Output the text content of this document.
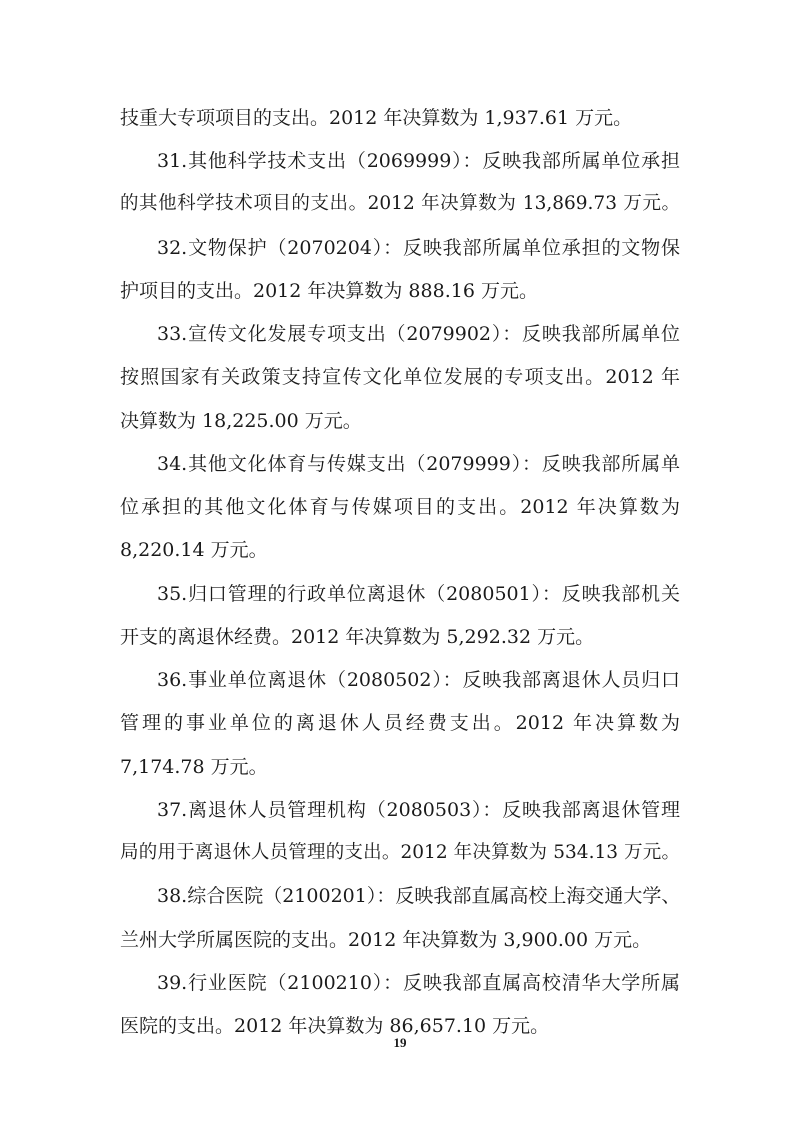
技重大专项项目的支出。2012 年决算数为 1,937.61 万元。
31.其他科学技术支出（2069999）：反映我部所属单位承担
的其他科学技术项目的支出。2012 年决算数为 13,869.73 万元。
32.文物保护（2070204）：反映我部所属单位承担的文物保
护项目的支出。2012 年决算数为 888.16 万元。
33.宣传文化发展专项支出（2079902）：反映我部所属单位
按照国家有关政策支持宣传文化单位发展的专项支出。2012 年
决算数为 18,225.00 万元。
34.其他文化体育与传媒支出（2079999）：反映我部所属单
位承担的其他文化体育与传媒项目的支出。2012 年决算数为
8,220.14 万元。
35.归口管理的行政单位离退休（2080501）：反映我部机关
开支的离退休经费。2012 年决算数为 5,292.32 万元。
36.事业单位离退休（2080502）：反映我部离退休人员归口
管理的事业单位的离退休人员经费支出。2012 年决算数为
7,174.78 万元。
37.离退休人员管理机构（2080503）：反映我部离退休管理
局的用于离退休人员管理的支出。2012 年决算数为 534.13 万元。
38.综合医院（2100201）：反映我部直属高校上海交通大学、
兰州大学所属医院的支出。2012 年决算数为 3,900.00 万元。
39.行业医院（2100210）：反映我部直属高校清华大学所属
医院的支出。2012 年决算数为 86,657.10 万元。
19
